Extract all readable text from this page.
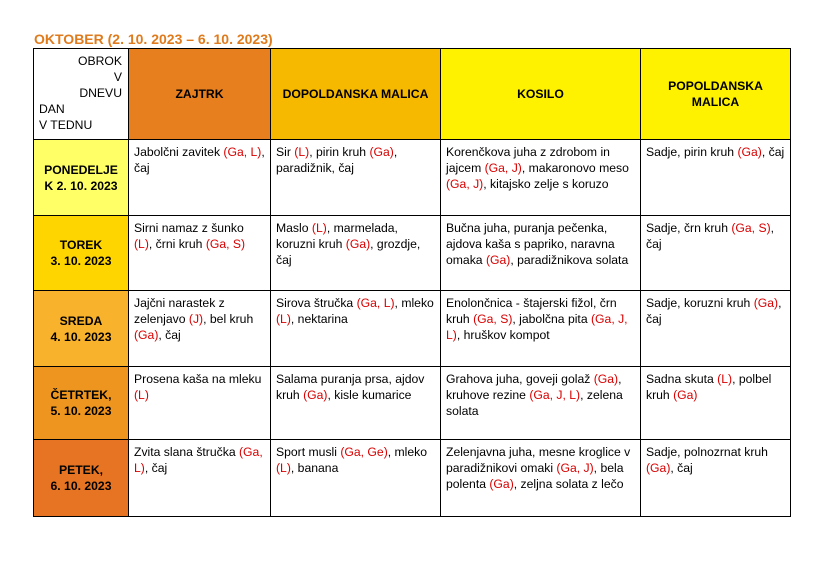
OKTOBER (2. 10. 2023 – 6. 10. 2023)
OBROK
V
DNEVU
DAN
V TEDNU	ZAJTRK	DOPOLDANSKA MALICA	KOSILO	POPOLDANSKA MALICA

PONEDELJE
K 2. 10. 2023	Jabolčni zavitek (Ga, L), čaj	Sir (L), pirin kruh (Ga), paradižnik, čaj	Korenčkova juha z zdrobom in jajcem (Ga, J), makaronovo meso (Ga, J), kitajsko zelje s koruzo	Sadje, pirin kruh (Ga), čaj

TOREK
3. 10. 2023	Sirni namaz z šunko (L), črni kruh (Ga, S)	Maslo (L), marmelada, koruzni kruh (Ga), grozdje, čaj	Bučna juha, puranja pečenka, ajdova kaša s papriko, naravna omaka (Ga), paradižnikova solata	Sadje, črn kruh (Ga, S), čaj

SREDA
4. 10. 2023	Jajčni narastek z zelenjavo (J), bel kruh (Ga), čaj	Sirova štručka (Ga, L), mleko (L), nektarina	Enolončnica - štajerski fižol, črn kruh (Ga, S), jabolčna pita (Ga, J, L), hruškov kompot	Sadje, koruzni kruh (Ga), čaj

ČETRTEK,
5. 10. 2023	Prosena kaša na mleku (L)	Salama puranja prsa, ajdov kruh (Ga), kisle kumarice	Grahova juha, goveji golaž (Ga), kruhove rezine (Ga, J, L), zelena solata	Sadna skuta (L), polbel kruh (Ga)

PETEK,
6. 10. 2023	Zvita slana štručka (Ga, L), čaj	Sport musli (Ga, Ge), mleko (L), banana	Zelenjavna juha, mesne kroglice v paradižnikovi omaki (Ga, J), bela polenta (Ga), zeljna solata z lečo	Sadje, polnozrnat kruh (Ga), čaj
